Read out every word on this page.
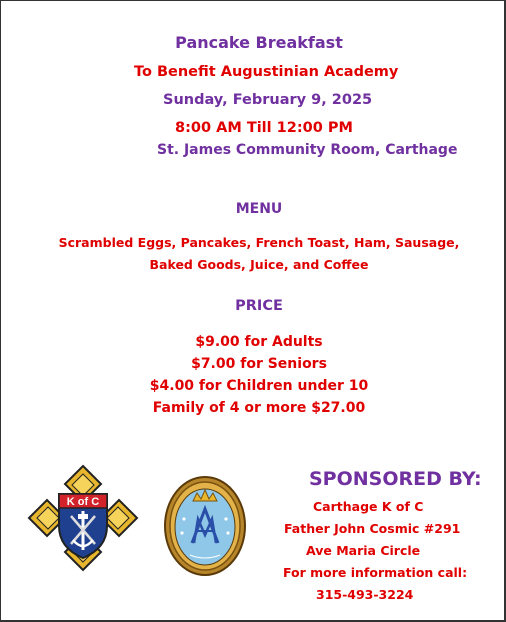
Pancake Breakfast

To Benefit Augustinian Academy

Sunday, February 9, 2025

8:00 AM Till 12:00 PM

St. James Community Room, Carthage

MENU

Scrambled Eggs, Pancakes, French Toast, Ham, Sausage,

Baked Goods, Juice, and Coffee

PRICE

$9.00 for Adults

$7.00 for Seniors

$4.00 for Children under 10

Family of 4 or more $27.00

K of C

SPONSORED BY:

Carthage K of C

Father John Cosmic #291

Ave Maria Circle

For more information call:

315-493-3224
